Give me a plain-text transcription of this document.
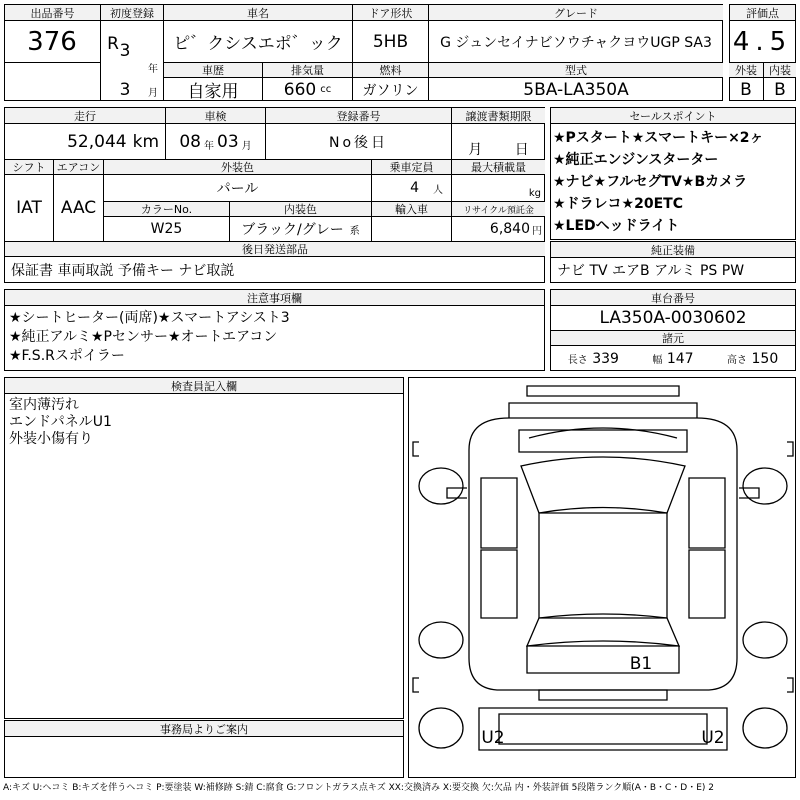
出品番号
376
初度登録
R 3
年
3	月
車名
ピ゛クシスエポ゛ック
ドア形状
5HB
グレード
G ジュンセイナビソウチャクヨウUGP SA3
車歴
自家用
排気量
660 cc
燃料
ガソリン
型式
5BA-LA350A
評価点
4.5
外装	内装
B	B
走行
52,044 km
車検
08 年 03 月
登録番号
No後日
譲渡書類期限
月 日
シフト
IAT
エアコン
AAC
外装色
パール
乗車定員
4 人
最大積載量
kg
カラーNo.
W25
内装色
ブラック/グレー 系
輸入車	リサイクル預託金
6,840 円
後日発送部品
保証書 車両取説 予備キー ナビ取説
セールスポイント
★Pスタート★スマートキー×2ヶ
★純正エンジンスターター
★ナビ★フルセグTV★Bカメラ
★ドラレコ★20ETC
★LEDヘッドライト
純正装備
ナビ TV エアB アルミ PS PW
注意事項欄
★シートヒーター(両席)★スマートアシスト3
★純正アルミ★Pセンサー★オートエアコン
★F.S.Rスポイラー
車台番号
LA350A-0030602
諸元
長さ 339	幅 147	高さ 150
検査員記入欄
室内薄汚れ
エンドパネルU1
外装小傷有り
事務局よりご案内
B1
U2	U2
A:キズ U:ヘコミ B:キズを伴うヘコミ P:要塗装 W:補修跡 S:錆 C:腐食 G:フロントガラス点キズ XX:交換済み X:要交換 欠:欠品 内・外装評価 5段階ランク順(A・B・C・D・E) 2
